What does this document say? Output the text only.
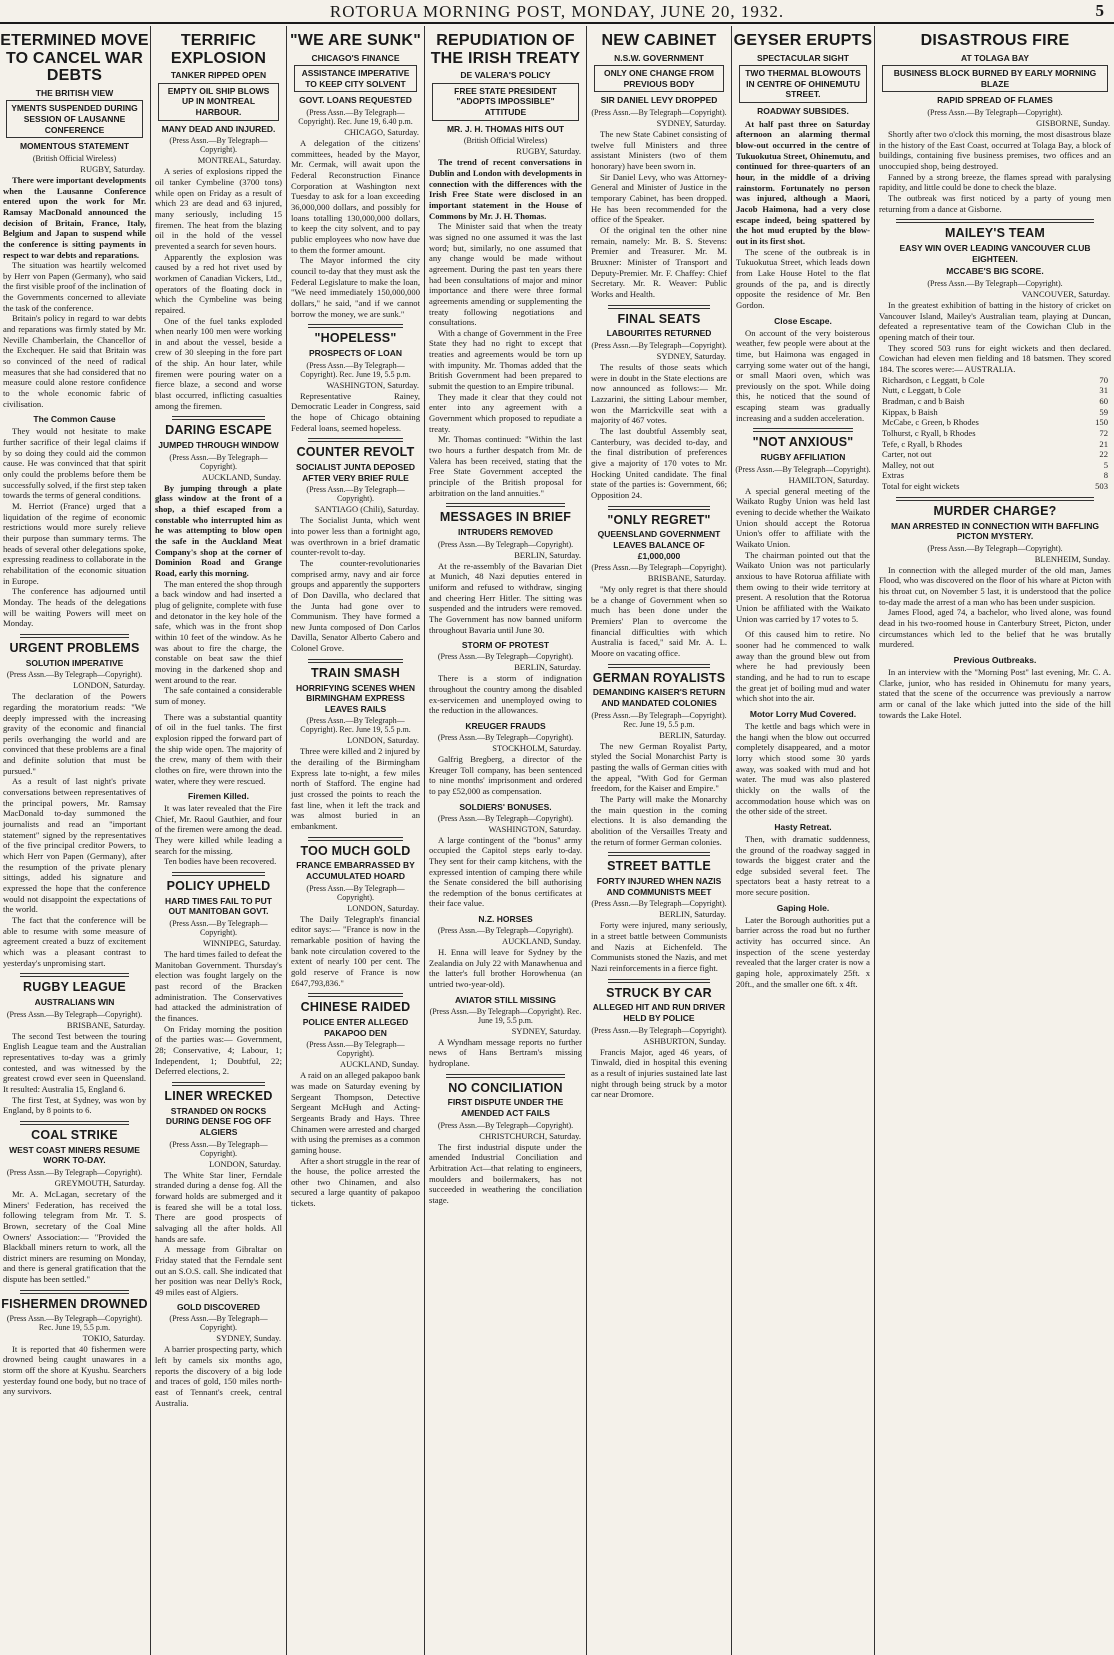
ROTORUA MORNING POST, MONDAY, JUNE 20, 1932.	5
ETERMINED MOVE TO CANCEL WAR DEBTS
THE BRITISH VIEW
YMENTS SUSPENDED DURING SESSION OF LAUSANNE CONFERENCE
MOMENTOUS STATEMENT
(British Official Wireless)
RUGBY, Saturday.

There were important developments when the Lausanne Conference entered upon the work for Mr. Ramsay MacDonald announced the decision of Britain, France, Italy, Belgium and Japan to suspend while the conference is sitting payments in respect to war debts and reparations.

The situation was heartily welcomed by Herr von Papen (Germany), who said the first visible proof of the inclination of the Governments concerned to alleviate the task of the conference.

Britain's policy in regard to war debts and reparations was firmly stated by Mr. Neville Chamberlain, the Chancellor of the Exchequer. He said that Britain was so convinced of the need of radical measures that she had considered that no measure could alone restore confidence to the whole economic fabric of civilisation.

The Common Cause

They would not hesitate to make further sacrifice of their legal claims if by so doing they could aid the common cause. He was convinced that that spirit only could the problems before them be successfully solved, if the first step taken towards the terms of general conditions.

M. Herriot (France) urged that a liquidation of the regime of economic restrictions would more surely relieve their purpose than summary terms. The heads of several other delegations spoke, expressing readiness to collaborate in the rehabilitation of the economic situation in Europe.

The conference has adjourned until Monday. The heads of the delegations will be waiting Powers will meet on Monday.

URGENT PROBLEMS
SOLUTION IMPERATIVE
(Press Assn.—By Telegraph—Copyright).
LONDON, Saturday.

The declaration of the Powers regarding the moratorium reads: "We deeply impressed with the increasing gravity of the economic and financial perils overhanging the world and are convinced that these problems are a final and definite solution that must be pursued."

As a result of last night's private conversations between representatives of the principal powers, Mr. Ramsay MacDonald to-day summoned the journalists and read an "important statement" signed by the representatives of the five principal creditor Powers, to which Herr von Papen (Germany), after the resumption of the private plenary sittings, added his signature and expressed the hope that the conference would not disappoint the expectations of the world.

The fact that the conference will be able to resume with some measure of agreement created a buzz of excitement which was a pleasant contrast to yesterday's unpromising start.

RUGBY LEAGUE
AUSTRALIANS WIN
(Press Assn.—By Telegraph—Copyright).
BRISBANE, Saturday.

The second Test between the touring English League team and the Australian representatives to-day was a grimly contested, and was witnessed by the greatest crowd ever seen in Queensland. It resulted: Australia 15, England 6.

The first Test, at Sydney, was won by England, by 8 points to 6.

COAL STRIKE
WEST COAST MINERS RESUME WORK TO-DAY.
(Press Assn.—By Telegraph—Copyright).
GREYMOUTH, Saturday.

Mr. A. McLagan, secretary of the Miners' Federation, has received the following telegram from Mr. T. S. Brown, secretary of the Coal Mine Owners' Association:— "Provided the Blackball miners return to work, all the district miners are resuming on Monday, and there is general gratification that the dispute has been settled."

FISHERMEN DROWNED
(Press Assn.—By Telegraph—Copyright). Rec. June 19, 5.5 p.m.
TOKIO, Saturday.

It is reported that 40 fishermen were drowned being caught unawares in a storm off the shore at Kyushu. Searchers yesterday found one body, but no trace of any survivors.

TERRIFIC EXPLOSION
TANKER RIPPED OPEN
EMPTY OIL SHIP BLOWS UP IN MONTREAL HARBOUR.
MANY DEAD AND INJURED.
(Press Assn.—By Telegraph—Copyright).
MONTREAL, Saturday.

A series of explosions ripped the oil tanker Cymbeline (3700 tons) while open on Friday as a result of which 23 are dead and 63 injured, many seriously, including 15 firemen. The heat from the blazing oil in the hold of the vessel prevented a search for seven hours.

Apparently the explosion was caused by a red hot rivet used by workmen of Canadian Vickers, Ltd., operators of the floating dock in which the Cymbeline was being repaired.

One of the fuel tanks exploded when nearly 100 men were working in and about the vessel, beside a crew of 30 sleeping in the fore part of the ship. An hour later, while firemen were pouring water on a fierce blaze, a second and worse blast occurred, inflicting casualties among the firemen.

DARING ESCAPE
JUMPED THROUGH WINDOW
(Press Assn.—By Telegraph—Copyright).
AUCKLAND, Sunday.

By jumping through a plate glass window at the front of a shop, a thief escaped from a constable who interrupted him as he was attempting to blow open the safe in the Auckland Meat Company's shop at the corner of Dominion Road and Grange Road, early this morning.

The man entered the shop through a back window and had inserted a plug of gelignite, complete with fuse and detonator in the key hole of the safe, which was in the front shop within 10 feet of the window. As he was about to fire the charge, the constable on beat saw the thief moving in the darkened shop and went around to the rear.

The safe contained a considerable sum of money.

There was a substantial quantity of oil in the fuel tanks. The first explosion ripped the forward part of the ship wide open. The majority of the crew, many of them with their clothes on fire, were thrown into the water, where they were rescued.

Firemen Killed.

It was later revealed that the Fire Chief, Mr. Raoul Gauthier, and four of the firemen were among the dead. They were killed while leading a search for the missing.

Ten bodies have been recovered.

POLICY UPHELD
HARD TIMES FAIL TO PUT OUT MANITOBAN GOVT.
(Press Assn.—By Telegraph—Copyright).
WINNIPEG, Saturday.

The hard times failed to defeat the Manitoban Government. Thursday's election was fought largely on the past record of the Bracken administration. The Conservatives had attacked the administration of the finances.

On Friday morning the position of the parties was:— Government, 28; Conservative, 4; Labour, 1; Independent, 1; Doubtful, 22; Deferred elections, 2.

LINER WRECKED
STRANDED ON ROCKS DURING DENSE FOG OFF ALGIERS
(Press Assn.—By Telegraph—Copyright).
LONDON, Saturday.

The White Star liner, Ferndale stranded during a dense fog. All the forward holds are submerged and it is feared she will be a total loss. There are good prospects of salvaging all the after holds. All hands are safe.

A message from Gibraltar on Friday stated that the Ferndale sent out an S.O.S. call. She indicated that her position was near Delly's Rock, 49 miles east of Algiers.

GOLD DISCOVERED
(Press Assn.—By Telegraph—Copyright).
SYDNEY, Sunday.

A barrier prospecting party, which left by camels six months ago, reports the discovery of a big lode and traces of gold, 150 miles north-east of Tennant's creek, central Australia.

"WE ARE SUNK"
CHICAGO'S FINANCE
ASSISTANCE IMPERATIVE TO KEEP CITY SOLVENT
GOVT. LOANS REQUESTED
(Press Assn.—By Telegraph—Copyright). Rec. June 19, 6.40 p.m.
CHICAGO, Saturday.

A delegation of the citizens' committees, headed by the Mayor, Mr. Cermak, will await upon the Federal Reconstruction Finance Corporation at Washington next Tuesday to ask for a loan exceeding 36,000,000 dollars, and possibly for loans totalling 130,000,000 dollars, to keep the city solvent, and to pay public employees who now have due to them the former amount.

The Mayor informed the city council to-day that they must ask the Federal Legislature to make the loan, "We need immediately 150,000,000 dollars," he said, "and if we cannot borrow the money, we are sunk."

"HOPELESS"
PROSPECTS OF LOAN
(Press Assn.—By Telegraph—Copyright). Rec. June 19, 5.5 p.m.
WASHINGTON, Saturday.

Representative Rainey, Democratic Leader in Congress, said the hope of Chicago obtaining Federal loans, seemed hopeless.

COUNTER REVOLT
SOCIALIST JUNTA DEPOSED AFTER VERY BRIEF RULE
(Press Assn.—By Telegraph—Copyright).
SANTIAGO (Chili), Saturday.

The Socialist Junta, which went into power less than a fortnight ago, was overthrown in a brief dramatic counter-revolt to-day.

The counter-revolutionaries comprised army, navy and air force groups and apparently the supporters of Don Davilla, who declared that the Junta had gone over to Communism. They have formed a new Junta composed of Don Carlos Davilla, Senator Alberto Cabero and Colonel Grove.

TRAIN SMASH
HORRIFYING SCENES WHEN BIRMINGHAM EXPRESS LEAVES RAILS
(Press Assn.—By Telegraph—Copyright). Rec. June 19, 5.5 p.m.
LONDON, Saturday.

Three were killed and 2 injured by the derailing of the Birmingham Express late to-night, a few miles north of Stafford. The engine had just crossed the points to reach the fast line, when it left the track and was almost buried in an embankment.

TOO MUCH GOLD
FRANCE EMBARRASSED BY ACCUMULATED HOARD
(Press Assn.—By Telegraph—Copyright).
LONDON, Saturday.

The Daily Telegraph's financial editor says:— "France is now in the remarkable position of having the bank note circulation covered to the extent of nearly 100 per cent. The gold reserve of France is now £647,793,836."

CHINESE RAIDED
POLICE ENTER ALLEGED PAKAPOO DEN
(Press Assn.—By Telegraph—Copyright).
AUCKLAND, Sunday.

A raid on an alleged pakapoo bank was made on Saturday evening by Sergeant Thompson, Detective Sergeant McHugh and Acting-Sergeants Brady and Hays. Three Chinamen were arrested and charged with using the premises as a common gaming house.

After a short struggle in the rear of the house, the police arrested the other two Chinamen, and also secured a large quantity of pakapoo tickets.

REPUDIATION OF THE IRISH TREATY
DE VALERA'S POLICY
FREE STATE PRESIDENT "ADOPTS IMPOSSIBLE" ATTITUDE
MR. J. H. THOMAS HITS OUT
(British Official Wireless)
RUGBY, Saturday.

The trend of recent conversations in Dublin and London with developments in connection with the differences with the Irish Free State were disclosed in an important statement in the House of Commons by Mr. J. H. Thomas.

The Minister said that when the treaty was signed no one assumed it was the last word; but, similarly, no one assumed that any change would be made without agreement. During the past ten years there had been consultations of major and minor importance and there were three formal agreements amending or supplementing the treaty following negotiations and consultations.

With a change of Government in the Free State they had no right to except that treaties and agreements would be torn up with impunity. Mr. Thomas added that the British Government had been prepared to submit the question to an Empire tribunal.

They made it clear that they could not enter into any agreement with a Government which proposed to repudiate a treaty.

Mr. Thomas continued: "Within the last two hours a further despatch from Mr. de Valera has been received, stating that the Free State Government accepted the principle of the British proposal for arbitration on the land annuities."

MESSAGES IN BRIEF
INTRUDERS REMOVED
(Press Assn.—By Telegraph—Copyright).
BERLIN, Saturday.

At the re-assembly of the Bavarian Diet at Munich, 48 Nazi deputies entered in uniform and refused to withdraw, singing and cheering Herr Hitler. The sitting was suspended and the intruders were removed. The Government has now banned uniform throughout Bavaria until June 30.

STORM OF PROTEST
(Press Assn.—By Telegraph—Copyright).
BERLIN, Saturday.

There is a storm of indignation throughout the country among the disabled ex-servicemen and unemployed owing to the reduction in the allowances.

KREUGER FRAUDS
(Press Assn.—By Telegraph—Copyright).
STOCKHOLM, Saturday.

Galfrig Bregberg, a director of the Kreuger Toll company, has been sentenced to nine months' imprisonment and ordered to pay £52,000 as compensation.

SOLDIERS' BONUSES.
(Press Assn.—By Telegraph—Copyright).
WASHINGTON, Saturday.

A large contingent of the "bonus" army occupied the Capitol steps early to-day. They sent for their camp kitchens, with the expressed intention of camping there while the Senate considered the bill authorising the redemption of the bonus certificates at their face value.

N.Z. HORSES
(Press Assn.—By Telegraph—Copyright).
AUCKLAND, Sunday.

H. Enna will leave for Sydney by the Zealandia on July 22 with Manawhenua and the latter's full brother Horowhenua (an untried two-year-old).

AVIATOR STILL MISSING
(Press Assn.—By Telegraph—Copyright). Rec. June 19, 5.5 p.m.
SYDNEY, Saturday.

A Wyndham message reports no further news of Hans Bertram's missing hydroplane.

NO CONCILIATION
FIRST DISPUTE UNDER THE AMENDED ACT FAILS
(Press Assn.—By Telegraph—Copyright).
CHRISTCHURCH, Saturday.

The first industrial dispute under the amended Industrial Conciliation and Arbitration Act—that relating to engineers, moulders and boilermakers, has not succeeded in weathering the conciliation stage.

NEW CABINET
N.S.W. GOVERNMENT
ONLY ONE CHANGE FROM PREVIOUS BODY
SIR DANIEL LEVY DROPPED
(Press Assn.—By Telegraph—Copyright).
SYDNEY, Saturday.

The new State Cabinet consisting of twelve full Ministers and three assistant Ministers (two of them honorary) have been sworn in.

Sir Daniel Levy, who was Attorney-General and Minister of Justice in the temporary Cabinet, has been dropped. He has been recommended for the office of the Speaker.

Of the original ten the other nine remain, namely: Mr. B. S. Stevens: Premier and Treasurer. Mr. M. Bruxner: Minister of Transport and Deputy-Premier. Mr. F. Chaffey: Chief Secretary. Mr. R. Weaver: Public Works and Health.

FINAL SEATS
LABOURITES RETURNED
(Press Assn.—By Telegraph—Copyright).
SYDNEY, Saturday.

The results of those seats which were in doubt in the State elections are now announced as follows:— Mr. Lazzarini, the sitting Labour member, won the Marrickville seat with a majority of 467 votes.

The last doubtful Assembly seat, Canterbury, was decided to-day, and the final distribution of preferences give a majority of 170 votes to Mr. Hocking United candidate. The final state of the parties is: Government, 66; Opposition 24.

"ONLY REGRET"
QUEENSLAND GOVERNMENT LEAVES BALANCE OF £1,000,000
(Press Assn.—By Telegraph—Copyright).
BRISBANE, Saturday.

"My only regret is that there should be a change of Government when so much has been done under the Premiers' Plan to overcome the financial difficulties with which Australia is faced," said Mr. A. L. Moore on vacating office.

GERMAN ROYALISTS
DEMANDING KAISER'S RETURN AND MANDATED COLONIES
(Press Assn.—By Telegraph—Copyright). Rec. June 19, 5.5 p.m.
BERLIN, Saturday.

The new German Royalist Party, styled the Social Monarchist Party is pasting the walls of German cities with the appeal, "With God for German freedom, for the Kaiser and Empire."

The Party will make the Monarchy the main question in the coming elections. It is also demanding the abolition of the Versailles Treaty and the return of former German colonies.

STREET BATTLE
FORTY INJURED WHEN NAZIS AND COMMUNISTS MEET
(Press Assn.—By Telegraph—Copyright).
BERLIN, Saturday.

Forty were injured, many seriously, in a street battle between Communists and Nazis at Eichenfeld. The Communists stoned the Nazis, and met Nazi reinforcements in a fierce fight.

STRUCK BY CAR
ALLEGED HIT AND RUN DRIVER HELD BY POLICE
(Press Assn.—By Telegraph—Copyright).
ASHBURTON, Sunday.

Francis Major, aged 46 years, of Tinwald, died in hospital this evening as a result of injuries sustained late last night through being struck by a motor car near Dromore.

GEYSER ERUPTS
SPECTACULAR SIGHT
TWO THERMAL BLOWOUTS IN CENTRE OF OHINEMUTU STREET.
ROADWAY SUBSIDES.

At half past three on Saturday afternoon an alarming thermal blow-out occurred in the centre of Tukuokutua Street, Ohinemutu, and continued for three-quarters of an hour, in the middle of a driving rainstorm. Fortunately no person was injured, although a Maori, Jacob Haimona, had a very close escape indeed, being spattered by the hot mud erupted by the blow-out in its first shot.

The scene of the outbreak is in Tukuokutua Street, which leads down from Lake House Hotel to the flat grounds of the pa, and is directly opposite the residence of Mr. Ben Gordon.

Close Escape.

On account of the very boisterous weather, few people were about at the time, but Haimona was engaged in carrying some water out of the hangi, or small Maori oven, which was previously on the spot. While doing this, he noticed that the sound of escaping steam was gradually increasing and a sudden acceleration.

"NOT ANXIOUS"
RUGBY AFFILIATION
(Press Assn.—By Telegraph—Copyright).
HAMILTON, Saturday.

A special general meeting of the Waikato Rugby Union was held last evening to decide whether the Waikato Union should accept the Rotorua Union's offer to affiliate with the Waikato Union.

The chairman pointed out that the Waikato Union was not particularly anxious to have Rotorua affiliate with them owing to their wide territory at present. A resolution that the Rotorua Union be affiliated with the Waikato Union was carried by 17 votes to 5.

Of this caused him to retire. No sooner had he commenced to walk away than the ground blew out from where he had previously been standing, and he had to run to escape the great jet of boiling mud and water which shot into the air.

Motor Lorry Mud Covered.

The kettle and bags which were in the hangi when the blow out occurred completely disappeared, and a motor lorry which stood some 30 yards away, was soaked with mud and hot water. The mud was also plastered thickly on the walls of the accommodation house which was on the other side of the street.

Hasty Retreat.

Then, with dramatic suddenness, the ground of the roadway sagged in towards the biggest crater and the edge subsided several feet. The spectators beat a hasty retreat to a more secure position.

Gaping Hole.

Later the Borough authorities put a barrier across the road but no further activity has occurred since. An inspection of the scene yesterday revealed that the larger crater is now a gaping hole, approximately 25ft. x 20ft., and the smaller one 6ft. x 4ft.

DISASTROUS FIRE
AT TOLAGA BAY
BUSINESS BLOCK BURNED BY EARLY MORNING BLAZE
RAPID SPREAD OF FLAMES
(Press Assn.—By Telegraph—Copyright).
GISBORNE, Sunday.

Shortly after two o'clock this morning, the most disastrous blaze in the history of the East Coast, occurred at Tolaga Bay, a block of buildings, containing five business premises, two offices and an unoccupied shop, being destroyed.

Fanned by a strong breeze, the flames spread with paralysing rapidity, and little could be done to check the blaze.

The outbreak was first noticed by a party of young men returning from a dance at Gisborne.

MAILEY'S TEAM
EASY WIN OVER LEADING VANCOUVER CLUB EIGHTEEN.
MCCABE'S BIG SCORE.
(Press Assn.—By Telegraph—Copyright).
VANCOUVER, Saturday.

In the greatest exhibition of batting in the history of cricket on Vancouver Island, Mailey's Australian team, playing at Duncan, defeated a representative team of the Cowichan Club in the opening match of their tour.

They scored 503 runs for eight wickets and then declared. Cowichan had eleven men fielding and 18 batsmen. They scored 184. The scores were:— AUSTRALIA.

Richardson, c Leggatt, b Cole	70
Nutt, c Leggatt, b Cole	31
Bradman, c and b Baish	60
Kippax, b Baish	59
McCabe, c Green, b Rhodes	150
Tolhurst, c Ryall, b Rhodes	72
Tefe, c Ryall, b Rhodes	21
Carter, not out	22
Malley, not out	5
Extras	8
Total for eight wickets	503
MURDER CHARGE?
MAN ARRESTED IN CONNECTION WITH BAFFLING PICTON MYSTERY.
(Press Assn.—By Telegraph—Copyright).
BLENHEIM, Sunday.

In connection with the alleged murder of the old man, James Flood, who was discovered on the floor of his whare at Picton with his throat cut, on November 5 last, it is understood that the police to-day made the arrest of a man who has been under suspicion.

James Flood, aged 74, a bachelor, who lived alone, was found dead in his two-roomed house in Canterbury Street, Picton, under circumstances which led to the belief that he was brutally murdered.

Previous Outbreaks.

In an interview with the "Morning Post" last evening, Mr. C. A. Clarke, junior, who has resided in Ohinemutu for many years, stated that the scene of the occurrence was previously a narrow arm or canal of the lake which jutted into the side of the hill towards the Lake Hotel.
